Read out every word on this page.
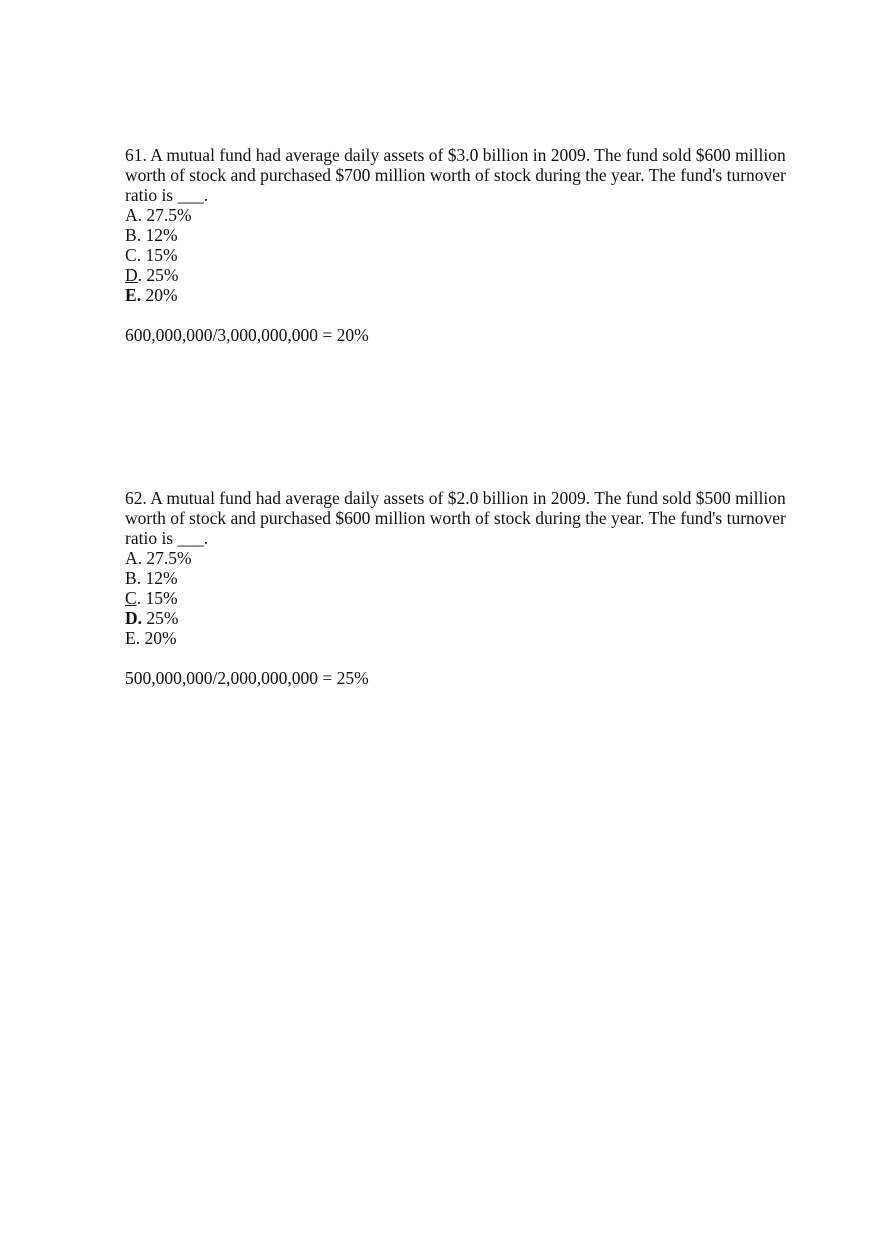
61. A mutual fund had average daily assets of $3.0 billion in 2009. The fund sold $600 million worth of stock and purchased $700 million worth of stock during the year. The fund's turnover ratio is ___.

A. 27.5%
B. 12%
C. 15%
D. 25%
E. 20%

600,000,000/3,000,000,000 = 20%

62. A mutual fund had average daily assets of $2.0 billion in 2009. The fund sold $500 million worth of stock and purchased $600 million worth of stock during the year. The fund's turnover ratio is ___.

A. 27.5%
B. 12%
C. 15%
D. 25%
E. 20%

500,000,000/2,000,000,000 = 25%
